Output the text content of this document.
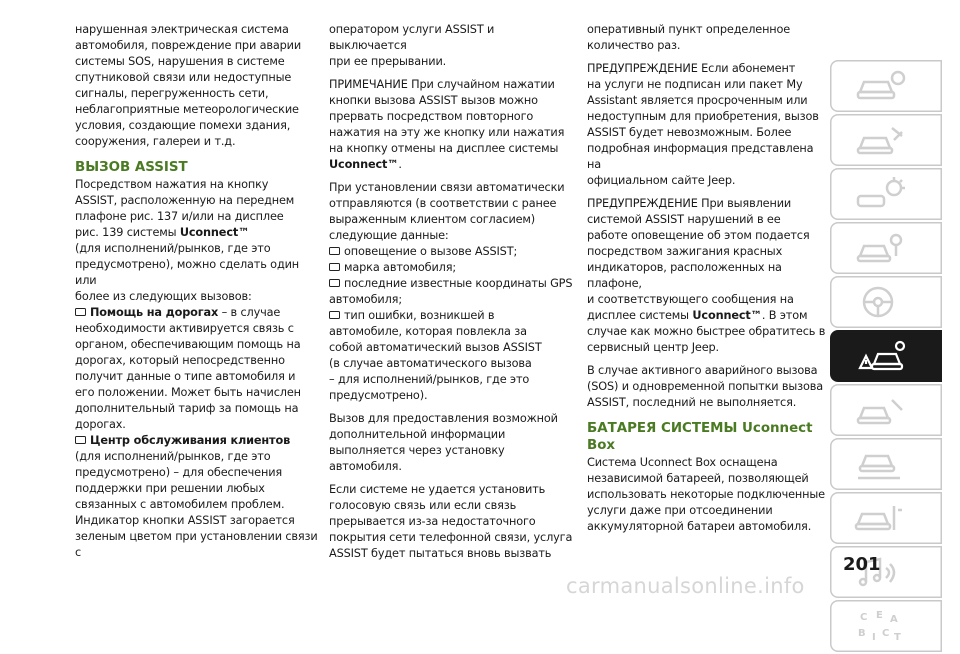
нарушенная электрическая система
автомобиля, повреждение при аварии
системы SOS, нарушения в системе
спутниковой связи или недоступные
сигналы, перегруженность сети,
неблагоприятные метеорологические
условия, создающие помехи здания,
сооружения, галереи и т.д.

ВЫЗОВ ASSIST

Посредством нажатия на кнопку
ASSIST, расположенную на переднем
плафоне рис. 137 и/или на дисплее
рис. 139 системы Uconnect™
(для исполнений/рынков, где это
предусмотрено), можно сделать один или
более из следующих вызовов:

Помощь на дорогах – в случае
необходимости активируется связь с
органом, обеспечивающим помощь на
дорогах, который непосредственно
получит данные о типе автомобиля и
его положении. Может быть начислен
дополнительный тариф за помощь на
дорогах.
Центр обслуживания клиентов
(для исполнений/рынков, где это
предусмотрено) – для обеспечения
поддержки при решении любых
связанных с автомобилем проблем.

Индикатор кнопки ASSIST загорается
зеленым цветом при установлении связи с

оператором услуги ASSIST и выключается
при ее прерывании.

ПРИМЕЧАНИЕ При случайном нажатии
кнопки вызова ASSIST вызов можно
прервать посредством повторного
нажатия на эту же кнопку или нажатия
на кнопку отмены на дисплее системы
Uconnect™.

При установлении связи автоматически
отправляются (в соответствии с ранее
выраженным клиентом согласием)
следующие данные:

оповещение о вызове ASSIST;
марка автомобиля;
последние известные координаты GPS
автомобиля;
тип ошибки, возникшей в
автомобиле, которая повлекла за
собой автоматический вызов ASSIST
(в случае автоматического вызова
– для исполнений/рынков, где это
предусмотрено).

Вызов для предоставления возможной
дополнительной информации
выполняется через установку
автомобиля.

Если системе не удается установить
голосовую связь или если связь
прерывается из-за недостаточного
покрытия сети телефонной связи, услуга
ASSIST будет пытаться вновь вызвать

оперативный пункт определенное
количество раз.

ПРЕДУПРЕЖДЕНИЕ Если абонемент
на услуги не подписан или пакет My
Assistant является просроченным или
недоступным для приобретения, вызов
ASSIST будет невозможным. Более
подробная информация представлена на
официальном сайте Jeep.

ПРЕДУПРЕЖДЕНИЕ При выявлении
системой ASSIST нарушений в ее
работе оповещение об этом подается
посредством зажигания красных
индикаторов, расположенных на плафоне,
и соответствующего сообщения на
дисплее системы Uconnect™. В этом
случае как можно быстрее обратитесь в
сервисный центр Jeep.

В случае активного аварийного вызова
(SOS) и одновременной попытки вызова
ASSIST, последний не выполняется.

БАТАРЕЯ СИСТЕМЫ Uconnect
Box

Система Uconnect Box оснащена
независимой батареей, позволяющей
использовать некоторые подключенные
услуги даже при отсоединении
аккумуляторной батареи автомобиля.

C E A
B I C T
201
carmanualsonline.info
